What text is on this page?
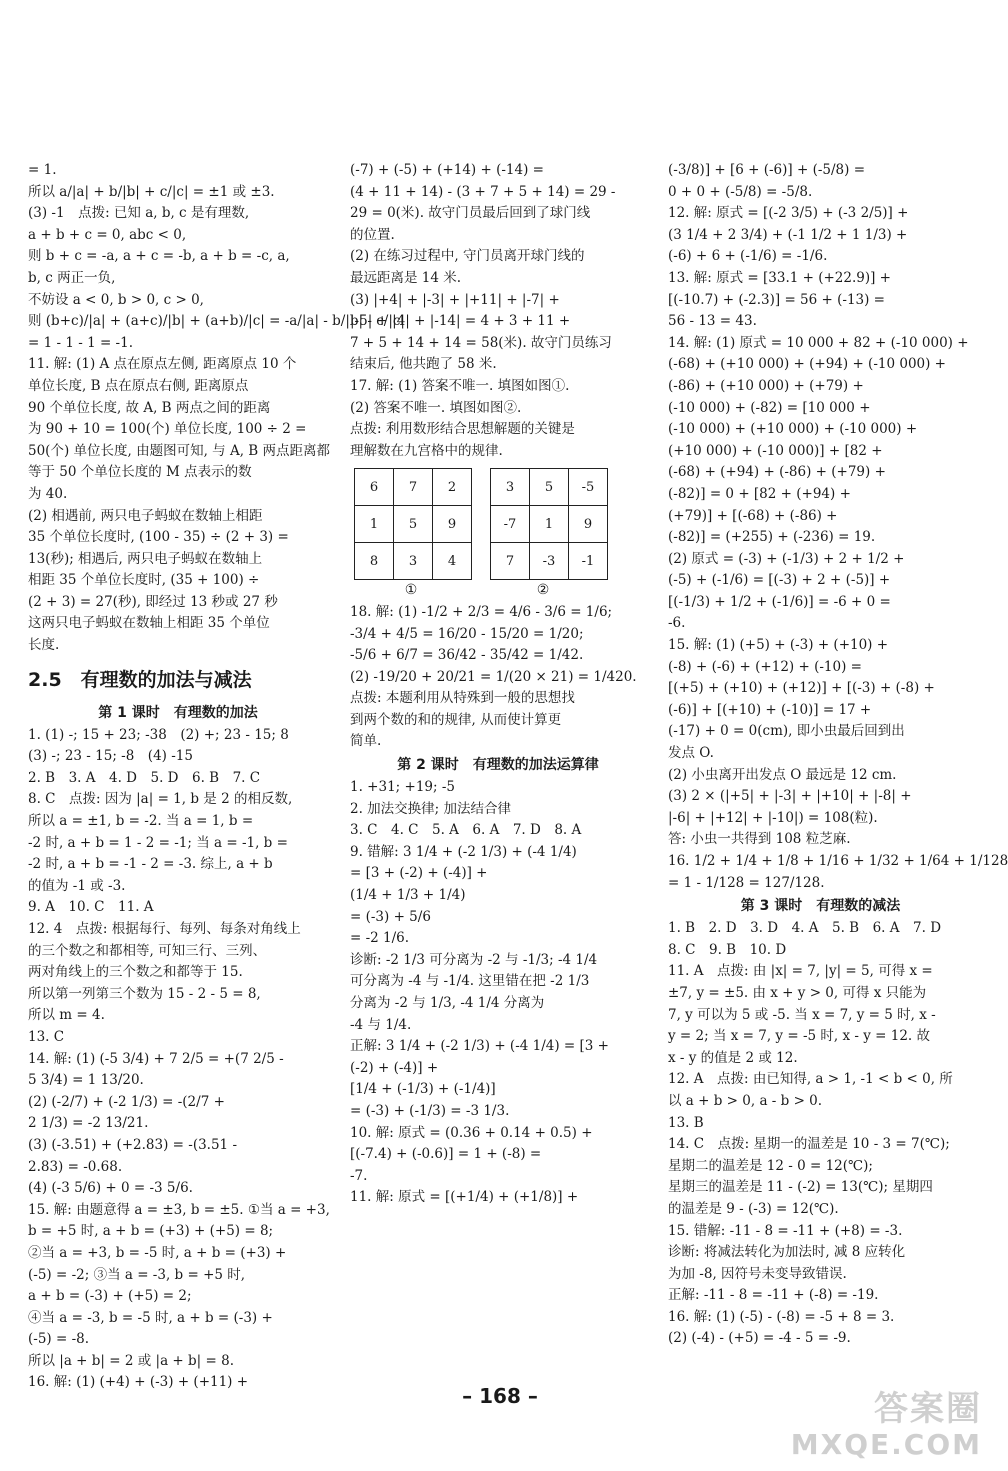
= 1.
所以 a/|a| + b/|b| + c/|c| = ±1 或 ±3.
(3) -1　点拨: 已知 a, b, c 是有理数,
a + b + c = 0, abc < 0,
则 b + c = -a, a + c = -b, a + b = -c, a,
b, c 两正一负,
不妨设 a < 0, b > 0, c > 0,
则 (b+c)/|a| + (a+c)/|b| + (a+b)/|c| = -a/|a| - b/|b| - c/|c|
= 1 - 1 - 1 = -1.
11. 解: (1) A 点在原点左侧, 距离原点 10 个
单位长度, B 点在原点右侧, 距离原点
90 个单位长度, 故 A, B 两点之间的距离
为 90 + 10 = 100(个) 单位长度, 100 ÷ 2 =
50(个) 单位长度, 由题图可知, 与 A, B 两点距离都
等于 50 个单位长度的 M 点表示的数
为 40.
(2) 相遇前, 两只电子蚂蚁在数轴上相距
35 个单位长度时, (100 - 35) ÷ (2 + 3) =
13(秒); 相遇后, 两只电子蚂蚁在数轴上
相距 35 个单位长度时, (35 + 100) ÷
(2 + 3) = 27(秒), 即经过 13 秒或 27 秒
这两只电子蚂蚁在数轴上相距 35 个单位
长度.
2.5　有理数的加法与减法
第 1 课时　有理数的加法
1. (1) -; 15 + 23; -38　(2) +; 23 - 15; 8
(3) -; 23 - 15; -8　(4) -15
2. B　3. A　4. D　5. D　6. B　7. C
8. C　点拨: 因为 |a| = 1, b 是 2 的相反数,
所以 a = ±1, b = -2. 当 a = 1, b =
-2 时, a + b = 1 - 2 = -1; 当 a = -1, b =
-2 时, a + b = -1 - 2 = -3. 综上, a + b
的值为 -1 或 -3.
9. A　10. C　11. A
12. 4　点拨: 根据每行、每列、每条对角线上
的三个数之和都相等, 可知三行、三列、
两对角线上的三个数之和都等于 15.
所以第一列第三个数为 15 - 2 - 5 = 8,
所以 m = 4.
13. C
14. 解: (1) (-5 3/4) + 7 2/5 = +(7 2/5 -
5 3/4) = 1 13/20.
(2) (-2/7) + (-2 1/3) = -(2/7 +
2 1/3) = -2 13/21.
(3) (-3.51) + (+2.83) = -(3.51 -
2.83) = -0.68.
(4) (-3 5/6) + 0 = -3 5/6.
15. 解: 由题意得 a = ±3, b = ±5. ①当 a = +3,
b = +5 时, a + b = (+3) + (+5) = 8;
②当 a = +3, b = -5 时, a + b = (+3) +
(-5) = -2; ③当 a = -3, b = +5 时,
a + b = (-3) + (+5) = 2;
④当 a = -3, b = -5 时, a + b = (-3) +
(-5) = -8.
所以 |a + b| = 2 或 |a + b| = 8.
16. 解: (1) (+4) + (-3) + (+11) +
(-7) + (-5) + (+14) + (-14) =
(4 + 11 + 14) - (3 + 7 + 5 + 14) = 29 -
29 = 0(米). 故守门员最后回到了球门线
的位置.
(2) 在练习过程中, 守门员离开球门线的
最远距离是 14 米.
(3) |+4| + |-3| + |+11| + |-7| +
|-5| + |4| + |-14| = 4 + 3 + 11 +
7 + 5 + 14 + 14 = 58(米). 故守门员练习
结束后, 他共跑了 58 米.
17. 解: (1) 答案不唯一. 填图如图①.
(2) 答案不唯一. 填图如图②.
点拨: 利用数形结合思想解题的关键是
理解数在九宫格中的规律.
6	7	2
1	5	9
8	3	4
3	5	-5
-7	1	9
7	-3	-1
①	②
18. 解: (1) -1/2 + 2/3 = 4/6 - 3/6 = 1/6;
-3/4 + 4/5 = 16/20 - 15/20 = 1/20;
-5/6 + 6/7 = 36/42 - 35/42 = 1/42.
(2) -19/20 + 20/21 = 1/(20 × 21) = 1/420.
点拨: 本题利用从特殊到一般的思想找
到两个数的和的规律, 从而使计算更
简单.
第 2 课时　有理数的加法运算律
1. +31; +19; -5
2. 加法交换律; 加法结合律
3. C　4. C　5. A　6. A　7. D　8. A
9. 错解: 3 1/4 + (-2 1/3) + (-4 1/4)
= [3 + (-2) + (-4)] +
(1/4 + 1/3 + 1/4)
= (-3) + 5/6
= -2 1/6.
诊断: -2 1/3 可分离为 -2 与 -1/3; -4 1/4
可分离为 -4 与 -1/4. 这里错在把 -2 1/3
分离为 -2 与 1/3, -4 1/4 分离为
-4 与 1/4.
正解: 3 1/4 + (-2 1/3) + (-4 1/4) = [3 +
(-2) + (-4)] +
[1/4 + (-1/3) + (-1/4)]
= (-3) + (-1/3) = -3 1/3.
10. 解: 原式 = (0.36 + 0.14 + 0.5) +
[(-7.4) + (-0.6)] = 1 + (-8) =
-7.
11. 解: 原式 = [(+1/4) + (+1/8)] +
(-3/8)] + [6 + (-6)] + (-5/8) =
0 + 0 + (-5/8) = -5/8.
12. 解: 原式 = [(-2 3/5) + (-3 2/5)] +
(3 1/4 + 2 3/4) + (-1 1/2 + 1 1/3) +
(-6) + 6 + (-1/6) = -1/6.
13. 解: 原式 = [33.1 + (+22.9)] +
[(-10.7) + (-2.3)] = 56 + (-13) =
56 - 13 = 43.
14. 解: (1) 原式 = 10 000 + 82 + (-10 000) +
(-68) + (+10 000) + (+94) + (-10 000) +
(-86) + (+10 000) + (+79) +
(-10 000) + (-82) = [10 000 +
(-10 000) + (+10 000) + (-10 000) +
(+10 000) + (-10 000)] + [82 +
(-68) + (+94) + (-86) + (+79) +
(-82)] = 0 + [82 + (+94) +
(+79)] + [(-68) + (-86) +
(-82)] = (+255) + (-236) = 19.
(2) 原式 = (-3) + (-1/3) + 2 + 1/2 +
(-5) + (-1/6) = [(-3) + 2 + (-5)] +
[(-1/3) + 1/2 + (-1/6)] = -6 + 0 =
-6.
15. 解: (1) (+5) + (-3) + (+10) +
(-8) + (-6) + (+12) + (-10) =
[(+5) + (+10) + (+12)] + [(-3) + (-8) +
(-6)] + [(+10) + (-10)] = 17 +
(-17) + 0 = 0(cm), 即小虫最后回到出
发点 O.
(2) 小虫离开出发点 O 最远是 12 cm.
(3) 2 × (|+5| + |-3| + |+10| + |-8| +
|-6| + |+12| + |-10|) = 108(粒).
答: 小虫一共得到 108 粒芝麻.
16. 1/2 + 1/4 + 1/8 + 1/16 + 1/32 + 1/64 + 1/128
= 1 - 1/128 = 127/128.
第 3 课时　有理数的减法
1. B　2. D　3. D　4. A　5. B　6. A　7. D
8. C　9. B　10. D
11. A　点拨: 由 |x| = 7, |y| = 5, 可得 x =
±7, y = ±5. 由 x + y > 0, 可得 x 只能为
7, y 可以为 5 或 -5. 当 x = 7, y = 5 时, x -
y = 2; 当 x = 7, y = -5 时, x - y = 12. 故
x - y 的值是 2 或 12.
12. A　点拨: 由已知得, a > 1, -1 < b < 0, 所
以 a + b > 0, a - b > 0.
13. B
14. C　点拨: 星期一的温差是 10 - 3 = 7(℃);
星期二的温差是 12 - 0 = 12(℃);
星期三的温差是 11 - (-2) = 13(℃); 星期四
的温差是 9 - (-3) = 12(℃).
15. 错解: -11 - 8 = -11 + (+8) = -3.
诊断: 将减法转化为加法时, 减 8 应转化
为加 -8, 因符号未变导致错误.
正解: -11 - 8 = -11 + (-8) = -19.
16. 解: (1) (-5) - (-8) = -5 + 8 = 3.
(2) (-4) - (+5) = -4 - 5 = -9.
– 168 –	答案圈
MXQE.COM
